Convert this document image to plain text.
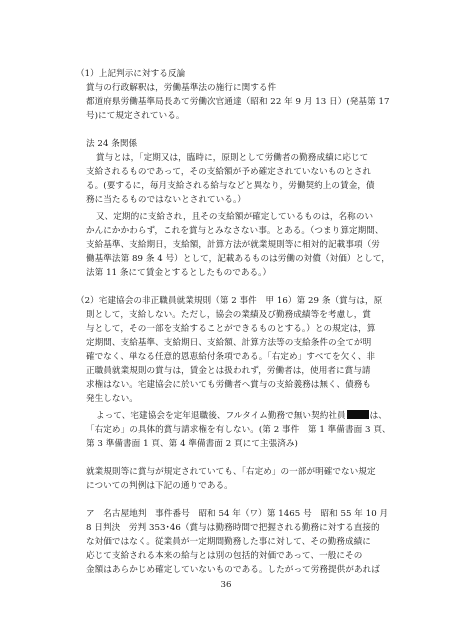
（1）上記判示に対する反論
賞与の行政解釈は，労働基準法の施行に関する件
都道府県労働基準局長あて労働次官通達（昭和 22 年 9 月 13 日）(発基第 17
号)にて規定されている。
法 24 条関係
賞与とは，「定期又は，臨時に，原則として労働者の勤務成績に応じて
支給されるものであって，その支給額が予め確定されていないものとされ
る。(要するに，毎月支給される給与などと異なり，労働契約上の賃金，債
務に当たるものではないとされている。）
又、定期的に支給され，且その支給額が確定しているものは，名称のい
かんにかかわらず，これを賞与とみなさない事。とある。（つまり算定期間、
支給基準、支給期日，支給額，計算方法が就業規則等に相対的記載事項（労
働基準法第 89 条 4 号）として，記載あるものは労働の対償（対価）として，
法第 11 条にて賃金とするとしたものである。）
（2）宅建協会の非正職員就業規則（第 2 事件　甲 16）第 29 条（賞与は，原
則として，支給しない。ただし，協会の業績及び勤務成績等を考慮し，賞
与として，その一部を支給することができるものとする。）との規定は，算
定期間、支給基準、支給期日、支給額、計算方法等の支給条件の全てが明
確でなく、単なる任意的恩恵給付条項である。「右定め」すべてを欠く、非
正職員就業規則の賞与は，賃金とは扱われず，労働者は，使用者に賞与請
求権はない。宅建協会に於いても労働者へ賞与の支給義務は無く、債務も
発生しない。
よって、宅建協会を定年退職後、フルタイム勤務で無い契約社員	は、
「右定め」の具体的賞与請求権を有しない。(第 2 事件　第 1 準備書面 3 頁、
第 3 準備書面 1 頁、第 4 準備書面 2 頁にて主張済み)
就業規則等に賞与が規定されていても、「右定め」の一部が明確でない規定
についての判例は下記の通りである。
ア　名古屋地判　事件番号　昭和 54 年（ワ）第 1465 号　昭和 55 年 10 月
8 日判決　労判 353･46（賞与は勤務時間で把握される勤務に対する直接的
な対価ではなく。従業員が一定期間勤務した事に対して、その勤務成績に
応じて支給される本来の給与とは別の包括的対価であって、一般にその
金額はあらかじめ確定していないものである。したがって労務提供があれば
36
